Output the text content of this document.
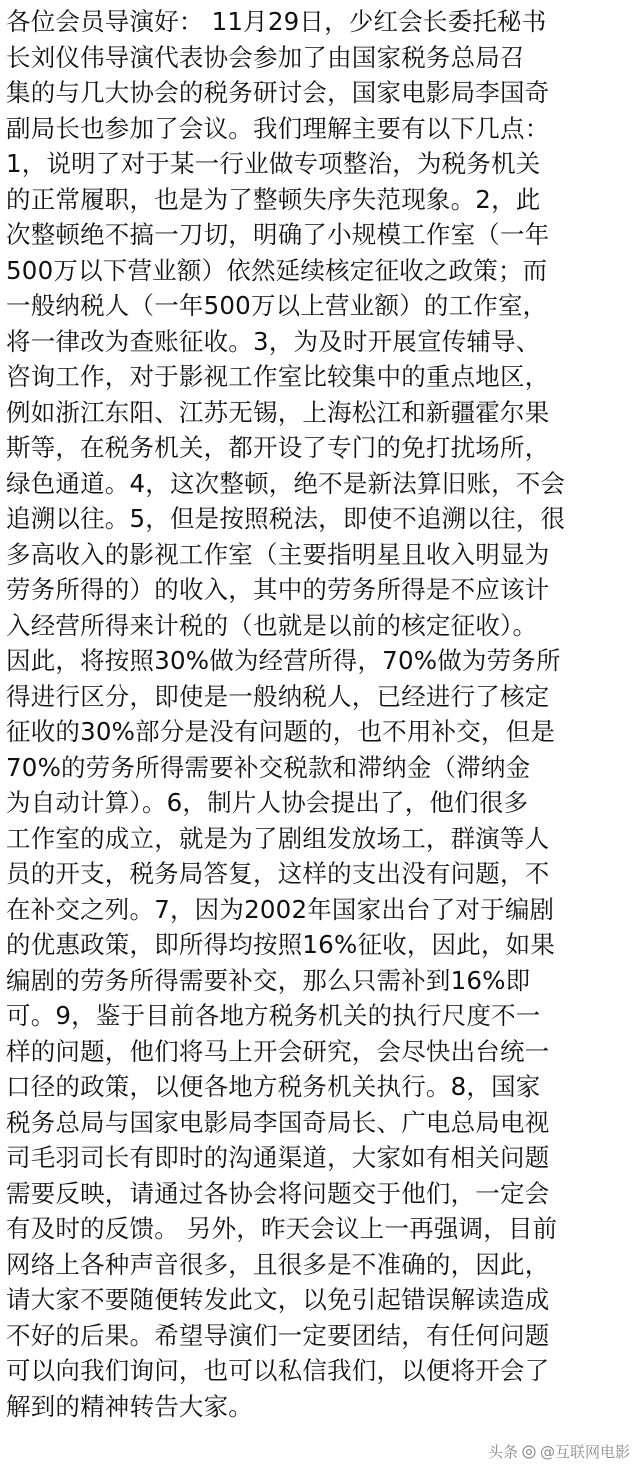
各位会员导演好： 11月29日，少红会长委托秘书
长刘仪伟导演代表协会参加了由国家税务总局召
集的与几大协会的税务研讨会，国家电影局李国奇
副局长也参加了会议。我们理解主要有以下几点：
1，说明了对于某一行业做专项整治，为税务机关
的正常履职，也是为了整顿失序失范现象。2，此
次整顿绝不搞一刀切，明确了小规模工作室（一年
500万以下营业额）依然延续核定征收之政策；而
一般纳税人（一年500万以上营业额）的工作室，
将一律改为查账征收。3，为及时开展宣传辅导、
咨询工作，对于影视工作室比较集中的重点地区，
例如浙江东阳、江苏无锡，上海松江和新疆霍尔果
斯等，在税务机关，都开设了专门的免打扰场所，
绿色通道。4，这次整顿，绝不是新法算旧账，不会
追溯以往。5，但是按照税法，即使不追溯以往，很
多高收入的影视工作室（主要指明星且收入明显为
劳务所得的）的收入，其中的劳务所得是不应该计
入经营所得来计税的（也就是以前的核定征收）。
因此，将按照30%做为经营所得，70%做为劳务所
得进行区分，即使是一般纳税人，已经进行了核定
征收的30%部分是没有问题的，也不用补交，但是
70%的劳务所得需要补交税款和滞纳金（滞纳金
为自动计算）。6，制片人协会提出了，他们很多
工作室的成立，就是为了剧组发放场工，群演等人
员的开支，税务局答复，这样的支出没有问题，不
在补交之列。7，因为2002年国家出台了对于编剧
的优惠政策，即所得均按照16%征收，因此，如果
编剧的劳务所得需要补交，那么只需补到16%即
可。9，鉴于目前各地方税务机关的执行尺度不一
样的问题，他们将马上开会研究，会尽快出台统一
口径的政策，以便各地方税务机关执行。8，国家
税务总局与国家电影局李国奇局长、广电总局电视
司毛羽司长有即时的沟通渠道，大家如有相关问题
需要反映，请通过各协会将问题交于他们，一定会
有及时的反馈。 另外，昨天会议上一再强调，目前
网络上各种声音很多，且很多是不准确的，因此，
请大家不要随便转发此文，以免引起错误解读造成
不好的后果。希望导演们一定要团结，有任何问题
可以向我们询问，也可以私信我们，以便将开会了
解到的精神转告大家。
头条 @互联网电影
